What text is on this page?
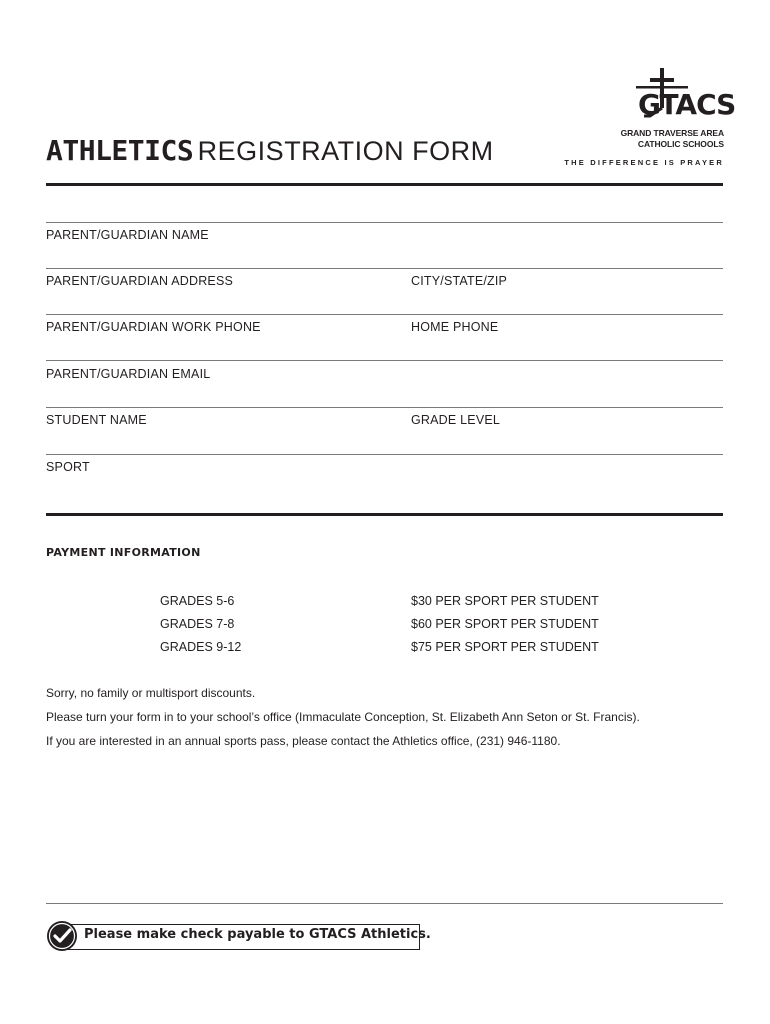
GTACS
GRAND TRAVERSE AREA
CATHOLIC SCHOOLS
THE DIFFERENCE IS PRAYER
ATHLETICS REGISTRATION FORM
PARENT/GUARDIAN NAME
PARENT/GUARDIAN ADDRESS	CITY/STATE/ZIP
PARENT/GUARDIAN WORK PHONE	HOME PHONE
PARENT/GUARDIAN EMAIL
STUDENT NAME	GRADE LEVEL
SPORT
PAYMENT INFORMATION
GRADES 5-6	$30 PER SPORT PER STUDENT
GRADES 7-8	$60 PER SPORT PER STUDENT
GRADES 9-12	$75 PER SPORT PER STUDENT
Sorry, no family or multisport discounts.
Please turn your form in to your school’s office (Immaculate Conception, St. Elizabeth Ann Seton or St. Francis).
If you are interested in an annual sports pass, please contact the Athletics office, (231) 946-1180.
Please make check payable to GTACS Athletics.
